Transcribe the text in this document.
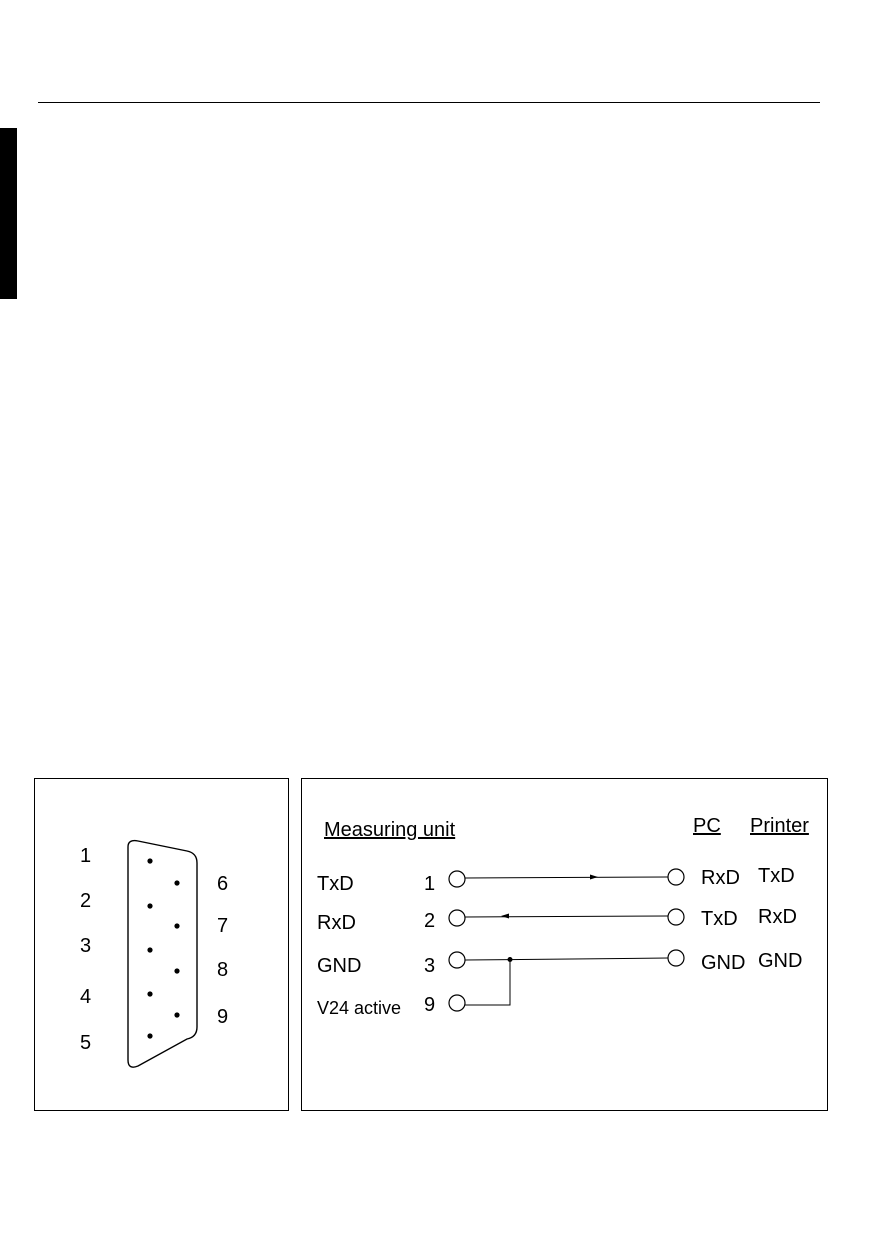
1
2
3
4
5
6
7
8
9
Measuring unit	PC Printer
TxD
RxD
GND
V24 active
1
2
3
9
RxD TxD
TxD RxD
GND GND
